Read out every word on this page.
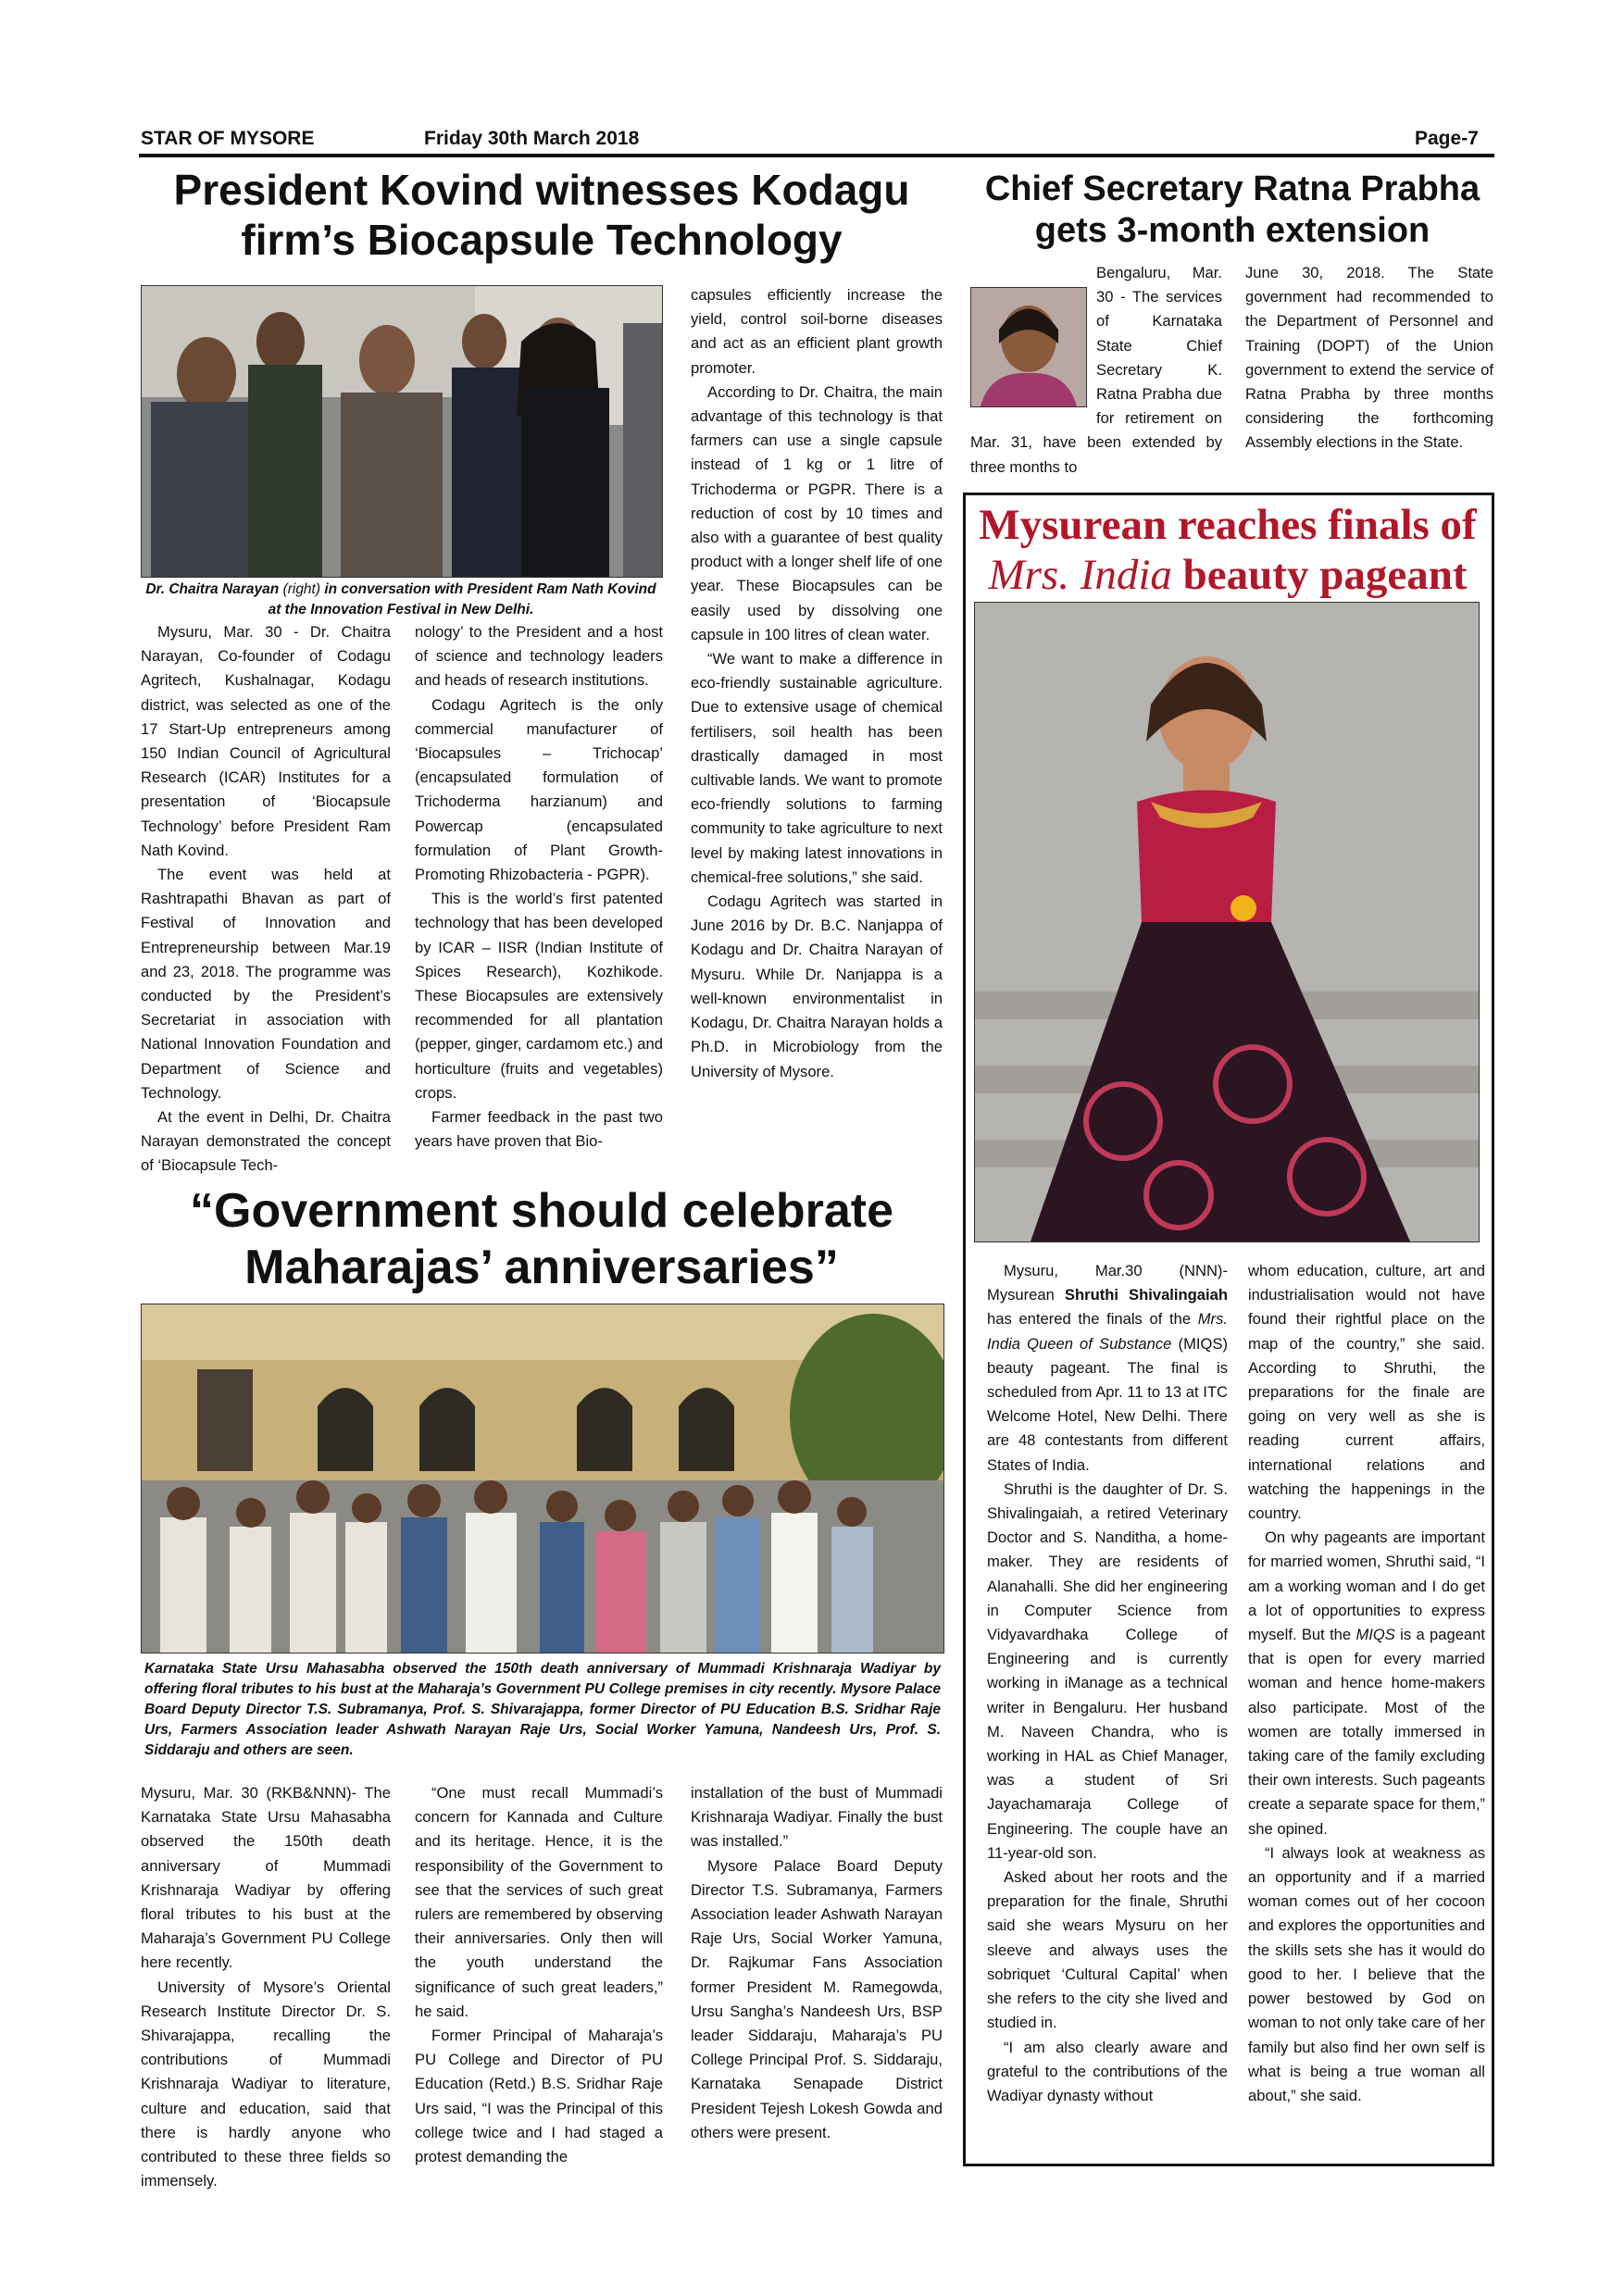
STAR OF MYSORE	Friday 30th March 2018	Page-7
President Kovind witnesses Kodagu
firm’s Biocapsule Technology
Dr. Chaitra Narayan (right) in conversation with President Ram Nath Kovind at the Innovation Festival in New Delhi.

Mysuru, Mar. 30 - Dr. Chaitra Narayan, Co-founder of Codagu Agritech, Kushalnagar, Kodagu district, was selected as one of the 17 Start-Up entrepreneurs among 150 Indian Council of Agricultural Research (ICAR) Institutes for a presentation of ‘Biocapsule Technology’ before President Ram Nath Kovind.

The event was held at Rashtrapathi Bhavan as part of Festival of Innovation and Entrepreneurship between Mar.19 and 23, 2018. The programme was conducted by the President’s Secretariat in association with National Innovation Foundation and Department of Science and Technology.

At the event in Delhi, Dr. Chaitra Narayan demonstrated the concept of ‘Biocapsule Tech-

nology’ to the President and a host of science and technology leaders and heads of research institutions.

Codagu Agritech is the only commercial manufacturer of ‘Biocapsules – Trichocap’ (encapsulated formulation of Trichoderma harzianum) and Powercap (encapsulated formulation of Plant Growth-Promoting Rhizobacteria - PGPR).

This is the world’s first patented technology that has been developed by ICAR – IISR (Indian Institute of Spices Research), Kozhikode. These Biocapsules are extensively recommended for all plantation (pepper, ginger, cardamom etc.) and horticulture (fruits and vegetables) crops.

Farmer feedback in the past two years have proven that Bio-

capsules efficiently increase the yield, control soil-borne diseases and act as an efficient plant growth promoter.

According to Dr. Chaitra, the main advantage of this technology is that farmers can use a single capsule instead of 1 kg or 1 litre of Trichoderma or PGPR. There is a reduction of cost by 10 times and also with a guarantee of best quality product with a longer shelf life of one year. These Biocapsules can be easily used by dissolving one capsule in 100 litres of clean water.

“We want to make a difference in eco-friendly sustainable agriculture. Due to extensive usage of chemical fertilisers, soil health has been drastically damaged in most cultivable lands. We want to promote eco-friendly solutions to farming community to take agriculture to next level by making latest innovations in chemical-free solutions,” she said.

Codagu Agritech was started in June 2016 by Dr. B.C. Nanjappa of Kodagu and Dr. Chaitra Narayan of Mysuru. While Dr. Nanjappa is a well-known environmentalist in Kodagu, Dr. Chaitra Narayan holds a Ph.D. in Microbiology from the University of Mysore.

Chief Secretary Ratna Prabha
gets 3-month extension

Bengaluru, Mar. 30 - The services of Karnataka State Chief Secretary K. Ratna Prabha due for retirement on Mar. 31, have been extended by three months to

June 30, 2018. The State government had recommended to the Department of Personnel and Training (DOPT) of the Union government to extend the service of Ratna Prabha by three months considering the forthcoming Assembly elections in the State.

“Government should celebrate
Maharajas’ anniversaries”
Karnataka State Ursu Mahasabha observed the 150th death anniversary of Mummadi Krishnaraja Wadiyar by offering floral tributes to his bust at the Maharaja’s Government PU College premises in city recently. Mysore Palace Board Deputy Director T.S. Subramanya, Prof. S. Shivarajappa, former Director of PU Education B.S. Sridhar Raje Urs, Farmers Association leader Ashwath Narayan Raje Urs, Social Worker Yamuna, Nandeesh Urs, Prof. S. Siddaraju and others are seen.

Mysuru, Mar. 30 (RKB&NNN)- The Karnataka State Ursu Mahasabha observed the 150th death anniversary of Mummadi Krishnaraja Wadiyar by offering floral tributes to his bust at the Maharaja’s Government PU College here recently.

University of Mysore’s Oriental Research Institute Director Dr. S. Shivarajappa, recalling the contributions of Mummadi Krishnaraja Wadiyar to literature, culture and education, said that there is hardly anyone who contributed to these three fields so immensely.

“One must recall Mummadi’s concern for Kannada and Culture and its heritage. Hence, it is the responsibility of the Government to see that the services of such great rulers are remembered by observing their anniversaries. Only then will the youth understand the significance of such great leaders,” he said.

Former Principal of Maharaja’s PU College and Director of PU Education (Retd.) B.S. Sridhar Raje Urs said, “I was the Principal of this college twice and I had staged a protest demanding the

installation of the bust of Mummadi Krishnaraja Wadiyar. Finally the bust was installed.”

Mysore Palace Board Deputy Director T.S. Subramanya, Farmers Association leader Ashwath Narayan Raje Urs, Social Worker Yamuna, Dr. Rajkumar Fans Association former President M. Ramegowda, Ursu Sangha’s Nandeesh Urs, BSP leader Siddaraju, Maharaja’s PU College Principal Prof. S. Siddaraju, Karnataka Senapade District President Tejesh Lokesh Gowda and others were present.

Mysurean reaches finals of
Mrs. India beauty pageant

Mysuru, Mar.30 (NNN)-Mysurean Shruthi Shivalingaiah has entered the finals of the Mrs. India Queen of Substance (MIQS) beauty pageant. The final is scheduled from Apr. 11 to 13 at ITC Welcome Hotel, New Delhi. There are 48 contestants from different States of India.

Shruthi is the daughter of Dr. S. Shivalingaiah, a retired Veterinary Doctor and S. Nanditha, a home-maker. They are residents of Alanahalli. She did her engineering in Computer Science from Vidyavardhaka College of Engineering and is currently working in iManage as a technical writer in Bengaluru. Her husband M. Naveen Chandra, who is working in HAL as Chief Manager, was a student of Sri Jayachamaraja College of Engineering. The couple have an 11-year-old son.

Asked about her roots and the preparation for the finale, Shruthi said she wears Mysuru on her sleeve and always uses the sobriquet ‘Cultural Capital’ when she refers to the city she lived and studied in.

“I am also clearly aware and grateful to the contributions of the Wadiyar dynasty without

whom education, culture, art and industrialisation would not have found their rightful place on the map of the country,” she said. According to Shruthi, the preparations for the finale are going on very well as she is reading current affairs, international relations and watching the happenings in the country.

On why pageants are important for married women, Shruthi said, “I am a working woman and I do get a lot of opportunities to express myself. But the MIQS is a pageant that is open for every married woman and hence home-makers also participate. Most of the women are totally immersed in taking care of the family excluding their own interests. Such pageants create a separate space for them,” she opined.

“I always look at weakness as an opportunity and if a married woman comes out of her cocoon and explores the opportunities and the skills sets she has it would do good to her. I believe that the power bestowed by God on woman to not only take care of her family but also find her own self is what is being a true woman all about,” she said.
